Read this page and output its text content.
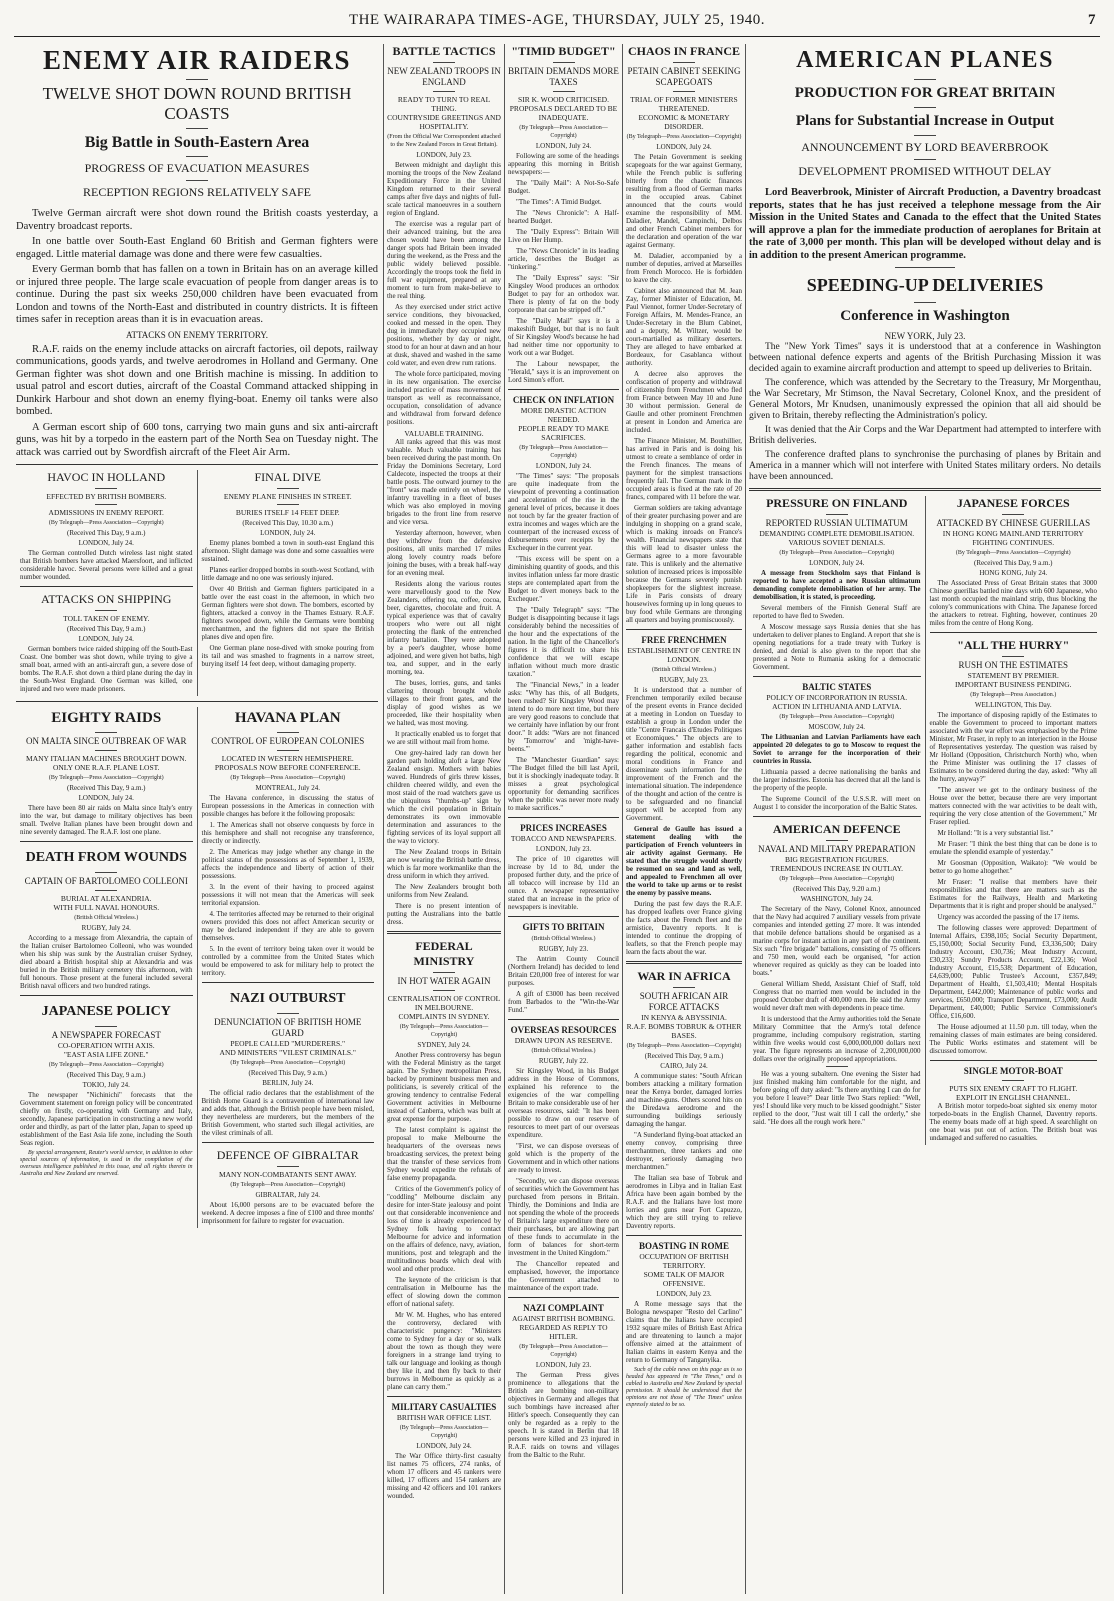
THE WAIRARAPA TIMES-AGE, THURSDAY, JULY 25, 1940.	7
ENEMY AIR RAIDERS
TWELVE SHOT DOWN ROUND BRITISH COASTS
Big Battle in South-Eastern Area
PROGRESS OF EVACUATION MEASURES
RECEPTION REGIONS RELATIVELY SAFE

Twelve German aircraft were shot down round the British coasts yesterday, a Daventry broadcast reports.

In one battle over South-East England 60 British and German fighters were engaged. Little material damage was done and there were few casualties.

Every German bomb that has fallen on a town in Britain has on an average killed or injured three people. The large scale evacuation of people from danger areas is to continue. During the past six weeks 250,000 children have been evacuated from London and towns of the North-East and distributed in country districts. It is fifteen times safer in reception areas than it is in evacuation areas.

ATTACKS ON ENEMY TERRITORY.

R.A.F. raids on the enemy include attacks on aircraft factories, oil depots, railway communications, goods yards, and twelve aerodromes in Holland and Germany. One German fighter was shot down and one British machine is missing. In addition to usual patrol and escort duties, aircraft of the Coastal Command attacked shipping in Dunkirk Harbour and shot down an enemy flying-boat. Enemy oil tanks were also bombed.

A German escort ship of 600 tons, carrying two main guns and six anti-aircraft guns, was hit by a torpedo in the eastern part of the North Sea on Tuesday night. The attack was carried out by Swordfish aircraft of the Fleet Air Arm.

HAVOC IN HOLLAND
EFFECTED BY BRITISH BOMBERS.
ADMISSIONS IN ENEMY REPORT.
(By Telegraph—Press Association—Copyright)
(Received This Day, 9 a.m.)
LONDON, July 24.

The German controlled Dutch wireless last night stated that British bombers have attacked Maersfoort, and inflicted considerable havoc. Several persons were killed and a great number wounded.

ATTACKS ON SHIPPING
TOLL TAKEN OF ENEMY.
(Received This Day, 9 a.m.)
LONDON, July 24.

German bombers twice raided shipping off the South-East Coast. One bomber was shot down, while trying to give a small boat, armed with an anti-aircraft gun, a severe dose of bombs. The R.A.F. shot down a third plane during the day in the South-West England. One German was killed, one injured and two were made prisoners.

FINAL DIVE
ENEMY PLANE FINISHES IN STREET.
BURIES ITSELF 14 FEET DEEP.
(Received This Day, 10.30 a.m.)
LONDON, July 24.

Enemy planes bombed a town in south-east England this afternoon. Slight damage was done and some casualties were sustained.

Planes earlier dropped bombs in south-west Scotland, with little damage and no one was seriously injured.

Over 40 British and German fighters participated in a battle over the east coast in the afternoon, in which two German fighters were shot down. The bombers, escorted by fighters, attacked a convoy in the Thames Estuary. R.A.F. fighters swooped down, while the Germans were bombing merchantmen, and the fighters did not spare the British planes dive and open fire.

One German plane nose-dived with smoke pouring from its tail and was smashed to fragments in a narrow street, burying itself 14 feet deep, without damaging property.

EIGHTY RAIDS
ON MALTA SINCE OUTBREAK OF WAR
MANY ITALIAN MACHINES BROUGHT DOWN.
ONLY ONE R.A.F. PLANE LOST.
(By Telegraph—Press Association—Copyright)
(Received This Day, 9 a.m.)
LONDON, July 24.

There have been 80 air raids on Malta since Italy's entry into the war, but damage to military objectives has been small. Twelve Italian planes have been brought down and nine severely damaged. The R.A.F. lost one plane.

DEATH FROM WOUNDS
CAPTAIN OF BARTOLOMEO COLLEONI
BURIAL AT ALEXANDRIA.
WITH FULL NAVAL HONOURS.
(British Official Wireless.)
RUGBY, July 24.

According to a message from Alexandria, the captain of the Italian cruiser Bartolomeo Colleoni, who was wounded when his ship was sunk by the Australian cruiser Sydney, died aboard a British hospital ship at Alexandria and was buried in the British military cemetery this afternoon, with full honours. Those present at the funeral included several British naval officers and two hundred ratings.

JAPANESE POLICY
A NEWSPAPER FORECAST
CO-OPERATION WITH AXIS.
"EAST ASIA LIFE ZONE."
(By Telegraph—Press Association—Copyright)
(Received This Day, 9 a.m.)
TOKIO, July 24.

The newspaper "Nichinichi" forecasts that the Government statement on foreign policy will be concentrated chiefly on firstly, co-operating with Germany and Italy, secondly, Japanese participation in constructing a new world order and thirdly, as part of the latter plan, Japan to speed up establishment of the East Asia life zone, including the South Seas region.

By special arrangement, Reuter's world service, in addition to other special sources of information, is used in the compilation of the overseas intelligence published in this issue, and all rights therein in Australia and New Zealand are reserved.

HAVANA PLAN
CONTROL OF EUROPEAN COLONIES
LOCATED IN WESTERN HEMISPHERE.
PROPOSALS NOW BEFORE CONFERENCE.
(By Telegraph—Press Association—Copyright)
MONTREAL, July 24.

The Havana conference, in discussing the status of European possessions in the Americas in connection with possible changes has before it the following proposals:

1. The Americas shall not observe conquests by force in this hemisphere and shall not recognise any transference, directly or indirectly.

2. The Americas may judge whether any change in the political status of the possessions as of September 1, 1939, affects the independence and liberty of action of their possessions.

3. In the event of their having to proceed against possessions it will not mean that the Americas will seek territorial expansion.

4. The territories affected may be returned to their original owners provided this does not affect American security or may be declared independent if they are able to govern themselves.

5. In the event of territory being taken over it would be controlled by a committee from the United States which would be empowered to ask for military help to protect the territory.

NAZI OUTBURST
DENUNCIATION OF BRITISH HOME GUARD
PEOPLE CALLED "MURDERERS."
AND MINISTERS "VILEST CRIMINALS."
(By Telegraph—Press Association—Copyright)
(Received This Day, 9 a.m.)
BERLIN, July 24.

The official radio declares that the establishment of the British Home Guard is a contravention of international law and adds that, although the British people have been misled, they nevertheless are murderers, but the members of the British Government, who started such illegal activities, are the vilest criminals of all.

DEFENCE OF GIBRALTAR
MANY NON-COMBATANTS SENT AWAY.
(By Telegraph—Press Association—Copyright)
GIBRALTAR, July 24.

About 16,000 persons are to be evacuated before the weekend. A decree imposes a fine of £100 and three months' imprisonment for failure to register for evacuation.

BATTLE TACTICS
NEW ZEALAND TROOPS IN ENGLAND
READY TO TURN TO REAL THING.
COUNTRYSIDE GREETINGS AND HOSPITALITY.
(From the Official War Correspondent attached to the New Zealand Forces in Great Britain).
LONDON, July 23.

Between midnight and daylight this morning the troops of the New Zealand Expeditionary Force in the United Kingdom returned to their several camps after five days and nights of full-scale tactical manoeuvres in a southern region of England.

The exercise was a regular part of their advanced training, but the area chosen would have been among the danger spots had Britain been invaded during the weekend, as the Press and the public widely believed possible. Accordingly the troops took the field in full war equipment, prepared at any moment to turn from make-believe to the real thing.

As they exercised under strict active service conditions, they bivouacked, cooked and messed in the open. They dug in immediately they occupied new positions, whether by day or night, stood to for an hour at dawn and an hour at dusk, shaved and washed in the same cold water, and even drew rum rations.

The whole force participated, moving in its new organisation. The exercise included practice of mass movement of transport as well as reconnaissance, occupation, consolidation of advance and withdrawal from forward defence positions.

VALUABLE TRAINING.

All ranks agreed that this was most valuable. Much valuable training has been received during the past month. On Friday the Dominions Secretary, Lord Caldecote, inspected the troops at their battle posts. The outward journey to the "front" was made entirely on wheel, the infantry travelling in a fleet of buses which was also employed in moving brigades to the front line from reserve and vice versa.

Yesterday afternoon, however, when they withdrew from the defensive positions, all units marched 17 miles along lovely country roads before joining the buses, with a break half-way for an evening meal.

Residents along the various routes were marvellously good to the New Zealanders, offering tea, coffee, cocoa, beer, cigarettes, chocolate and fruit. A typical experience was that of cavalry troopers who were out all night protecting the flank of the entrenched infantry battalion. They were adopted by a peer's daughter, whose home adjoined, and were given hot baths, high tea, and supper, and in the early morning, tea.

The buses, lorries, guns, and tanks clattering through brought whole villages to their front gates, and the display of good wishes as we proceeded, like their hospitality when we halted, was most moving.

It practically enabled us to forget that we are still without mail from home.

One grey-haired lady ran down her garden path holding aloft a large New Zealand ensign. Mothers with babies waved. Hundreds of girls threw kisses, children cheered wildly, and even the most staid of the road watchers gave us the ubiquitous "thumbs-up" sign by which the civil population in Britain demonstrates its own immovable determination and assurances to the fighting services of its loyal support all the way to victory.

The New Zealand troops in Britain are now wearing the British battle dress, which is far more workmanlike than the dress uniform in which they arrived.

The New Zealanders brought both uniforms from New Zealand.

There is no present intention of putting the Australians into the battle dress.

FEDERAL MINISTRY
IN HOT WATER AGAIN
CENTRALISATION OF CONTROL IN MELBOURNE.
COMPLAINTS IN SYDNEY.
(By Telegraph—Press Association—Copyright)
SYDNEY, July 24.

Another Press controversy has begun with the Federal Ministry as the target again. The Sydney metropolitan Press, backed by prominent business men and politicians, is severely critical of the growing tendency to centralise Federal Government activities in Melbourne instead of Canberra, which was built at great expense for the purpose.

The latest complaint is against the proposal to make Melbourne the headquarters of the overseas news broadcasting services, the pretext being that the transfer of these services from Sydney would expedite the refutals of false enemy propaganda.

Critics of the Government's policy of "coddling" Melbourne disclaim any desire for inter-State jealousy and point out that considerable inconvenience and loss of time is already experienced by Sydney folk having to contact Melbourne for advice and information on the affairs of defence, navy, aviation, munitions, post and telegraph and the multitudinous boards which deal with wool and other produce.

The keynote of the criticism is that centralisation in Melbourne has the effect of slowing down the common effort of national safety.

Mr W. M. Hughes, who has entered the controversy, declared with characteristic pungency: "Ministers come to Sydney for a day or so, walk about the town as though they were foreigners in a strange land trying to talk our language and looking as though they like it, and then fly back to their burrows in Melbourne as quickly as a plane can carry them."

MILITARY CASUALTIES
BRITISH WAR OFFICE LIST.
(By Telegraph—Press Association—Copyright)
LONDON, July 24.

The War Office thirty-first casualty list names 75 officers, 274 ranks, of whom 17 officers and 45 rankers were killed, 17 officers and 154 rankers are missing and 42 officers and 101 rankers wounded.

"TIMID BUDGET"
BRITAIN DEMANDS MORE TAXES
SIR K. WOOD CRITICISED.
PROPOSALS DECLARED TO BE INADEQUATE.
(By Telegraph—Press Association—Copyright)
LONDON, July 24.

Following are some of the headings appearing this morning in British newspapers:—

The "Daily Mail": A Not-So-Safe Budget.

"The Times": A Timid Budget.

The "News Chronicle": A Half-hearted Budget.

The "Daily Express": Britain Will Live on Her Hump.

The "News Chronicle" in its leading article, describes the Budget as "tinkering."

The "Daily Express" says: "Sir Kingsley Wood produces an orthodox Budget to pay for an orthodox war. There is plenty of fat on the body corporate that can be stripped off."

The "Daily Mail" says it is a makeshift Budget, but that is no fault of Sir Kingsley Wood's because he had had neither time nor opportunity to work out a war Budget.

The Labour newspaper, the "Herald," says it is an improvement on Lord Simon's effort.

CHECK ON INFLATION
MORE DRASTIC ACTION NEEDED.
PEOPLE READY TO MAKE SACRIFICES.
(By Telegraph—Press Association—Copyright)
LONDON, July 24.

"The Times" says: "The proposals are quite inadequate from the viewpoint of preventing a continuation and acceleration of the rise in the general level of prices, because it does not touch by far the greater fraction of extra incomes and wages which are the counterpart of the increased excess of disbursements over receipts by the Exchequer in the current year.

"This excess will be spent on a diminishing quantity of goods, and this invites inflation unless far more drastic steps are contemplated apart from the Budget to divert moneys back to the Exchequer."

The "Daily Telegraph" says: "The Budget is disappointing because it lags considerably behind the necessities of the hour and the expectations of the nation. In the light of the Chancellor's figures it is difficult to share his confidence that we will escape inflation without much more drastic taxation."

The "Financial News," in a leader asks: "Why has this, of all Budgets, been rushed? Sir Kingsley Wood may intend to do more next time, but there are very good reasons to conclude that we certainly have inflation by our front door." It adds: "Wars are not financed by 'Tomorrow' and 'might-have-beens.'"

The "Manchester Guardian" says: "The Budget filled the bill last April, but it is shockingly inadequate today. It misses a great psychological opportunity for demanding sacrifices when the public was never more ready to make sacrifices."

PRICES INCREASES
TOBACCO AND NEWSPAPERS.
LONDON, July 23.

The price of 10 cigarettes will increase by 1d to 8d, under the proposed further duty, and the price of all tobacco will increase by 11d an ounce. A newspaper representative stated that an increase in the price of newspapers is inevitable.

GIFTS TO BRITAIN
(British Official Wireless.)
RUGBY, July 23.

The Antrim County Council (Northern Ireland) has decided to lend Britain £20,000 free of interest for war purposes.

A gift of £3000 has been received from Barbados to the "Win-the-War Fund."

OVERSEAS RESOURCES
DRAWN UPON AS RESERVE.
(British Official Wireless.)
RUGBY, July 22.

Sir Kingsley Wood, in his Budget address in the House of Commons, explained his reference to the exigencies of the war compelling Britain to make considerable use of her overseas resources, said: "It has been possible to draw on our reserve of resources to meet part of our overseas expenditure.

"First, we can dispose overseas of gold which is the property of the Government and in which other nations are ready to invest.

"Secondly, we can dispose overseas of securities which the Government has purchased from persons in Britain. Thirdly, the Dominions and India are not spending the whole of the proceeds of Britain's large expenditure there on their purchases, but are allowing part of these funds to accumulate in the form of balances for short-term investment in the United Kingdom."

The Chancellor repeated and emphasised, however, the importance the Government attached to maintenance of the export trade.

NAZI COMPLAINT
AGAINST BRITISH BOMBING.
REGARDED AS REPLY TO HITLER.
(By Telegraph—Press Association—Copyright)
LONDON, July 23.

The German Press gives prominence to allegations that the British are bombing non-military objectives in Germany and alleges that such bombings have increased after Hitler's speech. Consequently they can only be regarded as a reply to the speech. It is stated in Berlin that 18 persons were killed and 23 injured in R.A.F. raids on towns and villages from the Baltic to the Ruhr.

CHAOS IN FRANCE
PETAIN CABINET SEEKING SCAPEGOATS
TRIAL OF FORMER MINISTERS THREATENED.
ECONOMIC & MONETARY DISORDER.
(By Telegraph—Press Association—Copyright)
LONDON, July 24.

The Petain Government is seeking scapegoats for the war against Germany, while the French public is suffering bitterly from the chaotic finances resulting from a flood of German marks in the occupied areas. Cabinet announced that the courts would examine the responsibility of MM. Daladier, Mandel, Campinchi, Delbos and other French Cabinet members for the declaration and operation of the war against Germany.

M. Daladier, accompanied by a number of deputies, arrived at Marseilles from French Morocco. He is forbidden to leave the city.

Cabinet also announced that M. Jean Zay, former Minister of Education, M. Paul Viennot, former Under-Secretary of Foreign Affairs, M. Mendes-France, an Under-Secretary in the Blum Cabinet, and a deputy, M. Wiltzer, would be court-martialled as military deserters. They are alleged to have embarked at Bordeaux, for Casablanca without authority.

A decree also approves the confiscation of property and withdrawal of citizenship from Frenchmen who fled from France between May 10 and June 30 without permission. General de Gaulle and other prominent Frenchmen at present in London and America are included.

The Finance Minister, M. Bouthillier, has arrived in Paris and is doing his utmost to create a semblance of order in the French finances. The means of payment for the simplest transactions frequently fail. The German mark in the occupied areas is fixed at the rate of 20 francs, compared with 11 before the war.

German soldiers are taking advantage of their greater purchasing power and are indulging in shopping on a grand scale, which is making inroads on France's wealth. Financial newspapers state that this will lead to disaster unless the Germans agree to a more favourable rate. This is unlikely and the alternative solution of increased prices is impossible because the Germans severely punish shopkeepers for the slightest increase. Life in Paris consists of dreary housewives forming up in long queues to buy food while Germans are thronging all quarters and buying promiscuously.

FREE FRENCHMEN
ESTABLISHMENT OF CENTRE IN LONDON.
(British Official Wireless.)
RUGBY, July 23.

It is understood that a number of Frenchmen temporarily exiled because of the present events in France decided at a meeting in London on Tuesday to establish a group in London under the title "Centre Francais d'Etudes Politiques et Economiques." The objects are to gather information and establish facts regarding the political, economic and moral conditions in France and disseminate such information for the improvement of the French and the international situation. The independence of the thought and action of the centre is to be safeguarded and no financial support will be accepted from any Government.

General de Gaulle has issued a statement dealing with the participation of French volunteers in air activity against Germany. He stated that the struggle would shortly be resumed on sea and land as well, and appealed to Frenchmen all over the world to take up arms or to resist the enemy by passive means.

During the past few days the R.A.F. has dropped leaflets over France giving the facts about the French fleet and the armistice, Daventry reports. It is intended to continue the dropping of leaflets, so that the French people may learn the facts about the war.

WAR IN AFRICA
SOUTH AFRICAN AIR FORCE ATTACKS
IN KENYA & ABYSSINIA.
R.A.F. BOMBS TOBRUK & OTHER BASES.
(By Telegraph—Press Association—Copyright)
(Received This Day, 9 a.m.)
CAIRO, July 24.

A communique states: "South African bombers attacking a military formation near the Kenya border, damaged lorries and machine-guns. Others scored hits on the Diredawa aerodrome and the surrounding buildings seriously damaging the hangar.

"A Sunderland flying-boat attacked an enemy convoy, comprising three merchantmen, three tankers and one destroyer, seriously damaging two merchantmen."

The Italian sea base of Tobruk and aerodromes in Libya and in Italian East Africa have been again bombed by the R.A.F. and the Italians have lost more lorries and guns near Fort Capuzzo, which they are still trying to relieve Daventry reports.

BOASTING IN ROME
OCCUPATION OF BRITISH TERRITORY.
SOME TALK OF MAJOR OFFENSIVE.
LONDON, July 23.

A Rome message says that the Bologna newspaper "Resto del Carlino" claims that the Italians have occupied 1932 square miles of British East Africa and are threatening to launch a major offensive aimed at the attainment of Italian claims in eastern Kenya and the return to Germany of Tanganyika.

Such of the cable news on this page as is so headed has appeared in "The Times," and is cabled to Australia and New Zealand by special permission. It should be understood that the opinions are not those of "The Times" unless expressly stated to be so.

AMERICAN PLANES
PRODUCTION FOR GREAT BRITAIN
Plans for Substantial Increase in Output
ANNOUNCEMENT BY LORD BEAVERBROOK
DEVELOPMENT PROMISED WITHOUT DELAY

Lord Beaverbrook, Minister of Aircraft Production, a Daventry broadcast reports, states that he has just received a telephone message from the Air Mission in the United States and Canada to the effect that the United States will approve a plan for the immediate production of aeroplanes for Britain at the rate of 3,000 per month. This plan will be developed without delay and is in addition to the present American programme.

SPEEDING-UP DELIVERIES
Conference in Washington
NEW YORK, July 23.

The "New York Times" says it is understood that at a conference in Washington between national defence experts and agents of the British Purchasing Mission it was decided again to examine aircraft production and attempt to speed up deliveries to Britain.

The conference, which was attended by the Secretary to the Treasury, Mr Morgenthau, the War Secretary, Mr Stimson, the Naval Secretary, Colonel Knox, and the president of General Motors, Mr Knudsen, unanimously expressed the opinion that all aid should be given to Britain, thereby reflecting the Administration's policy.

It was denied that the Air Corps and the War Department had attempted to interfere with British deliveries.

The conference drafted plans to synchronise the purchasing of planes by Britain and America in a manner which will not interfere with United States military orders. No details have been announced.

PRESSURE ON FINLAND
REPORTED RUSSIAN ULTIMATUM
DEMANDING COMPLETE DEMOBILISATION.
VARIOUS SOVIET DENIALS.
(By Telegraph—Press Association—Copyright)
LONDON, July 24.

A message from Stockholm says that Finland is reported to have accepted a new Russian ultimatum demanding complete demobilisation of her army. The demobilisation, it is stated, is proceeding.

Several members of the Finnish General Staff are reported to have fled to Sweden.

A Moscow message says Russia denies that she has undertaken to deliver planes to England. A report that she is opening negotiations for a trade treaty with Turkey is denied, and denial is also given to the report that she presented a Note to Rumania asking for a democratic Government.

BALTIC STATES
POLICY OF INCORPORATION IN RUSSIA.
ACTION IN LITHUANIA AND LATVIA.
(By Telegraph—Press Association—Copyright)
MOSCOW, July 24.

The Lithuanian and Latvian Parliaments have each appointed 20 delegates to go to Moscow to request the Soviet to arrange for the incorporation of their countries in Russia.

Lithuania passed a decree nationalising the banks and the larger industries. Estonia has decreed that all the land is the property of the people.

The Supreme Council of the U.S.S.R. will meet on August 1 to consider the incorporation of the Baltic States.

AMERICAN DEFENCE
NAVAL AND MILITARY PREPARATION
BIG REGISTRATION FIGURES.
TREMENDOUS INCREASE IN OUTLAY.
(By Telegraph—Press Association—Copyright)
(Received This Day, 9.20 a.m.)
WASHINGTON, July 24.

The Secretary of the Navy, Colonel Knox, announced that the Navy had acquired 7 auxiliary vessels from private companies and intended getting 27 more. It was intended that mobile defence battalions should be organised as a marine corps for instant action in any part of the continent. Six such "fire brigade" battalions, consisting of 75 officers and 750 men, would each be organised, "for action whenever required as quickly as they can be loaded into boats."

General William Shedd, Assistant Chief of Staff, told Congress that no married men would be included in the proposed October draft of 400,000 men. He said the Army would never draft men with dependents in peace time.

It is understood that the Army authorities told the Senate Military Committee that the Army's total defence programme, including compulsory registration, starting within five weeks would cost 6,000,000,000 dollars next year. The figure represents an increase of 2,200,000,000 dollars over the originally proposed appropriations.

He was a young subaltern. One evening the Sister had just finished making him comfortable for the night, and before going off duty asked: "Is there anything I can do for you before I leave?" Dear little Two Stars replied: "Well, yes! I should like very much to be kissed goodnight." Sister replied to the door, "Just wait till I call the orderly," she said. "He does all the rough work here."

JAPANESE FORCES
ATTACKED BY CHINESE GUERILLAS
IN HONG KONG MAINLAND TERRITORY
FIGHTING CONTINUES.
(By Telegraph—Press Association—Copyright)
(Received This Day, 9 a.m.)
HONG KONG, July 24.

The Associated Press of Great Britain states that 3000 Chinese guerillas battled nine days with 600 Japanese, who last month occupied the mainland strip, thus blocking the colony's communications with China. The Japanese forced the attackers to retreat. Fighting, however, continues 20 miles from the centre of Hong Kong.

"ALL THE HURRY"
RUSH ON THE ESTIMATES
STATEMENT BY PREMIER.
IMPORTANT BUSINESS PENDING.
(By Telegraph—Press Association.)
WELLINGTON, This Day.

The importance of disposing rapidly of the Estimates to enable the Government to proceed to important matters associated with the war effort was emphasised by the Prime Minister, Mr Fraser, in reply to an interjection in the House of Representatives yesterday. The question was raised by Mr Holland (Opposition, Christchurch North) who, when the Prime Minister was outlining the 17 classes of Estimates to be considered during the day, asked: "Why all the hurry, anyway?"

"The answer we get to the ordinary business of the House over the better, because there are very important matters connected with the war activities to be dealt with, requiring the very close attention of the Government," Mr Fraser replied.

Mr Holland: "It is a very substantial list."

Mr Fraser: "I think the best thing that can be done is to emulate the splendid example of yesterday."

Mr Goosman (Opposition, Waikato): "We would be better to go home altogether."

Mr Fraser: "I realise that members have their responsibilities and that there are matters such as the Estimates for the Railways, Health and Marketing Departments that it is right and proper should be analysed."

Urgency was accorded the passing of the 17 items.

The following classes were approved: Department of Internal Affairs, £398,105; Social Security Department, £5,150,000; Social Security Fund, £3,336,500; Dairy Industry Account, £30,736; Meat Industry Account, £30,233; Sundry Products Account, £22,136; Wool Industry Account, £15,538; Department of Education, £4,639,000; Public Trustee's Account, £357,849; Department of Health, £1,503,410; Mental Hospitals Department, £442,000; Maintenance of public works and services, £650,000; Transport Department, £73,000; Audit Department, £40,000; Public Service Commissioner's Office, £16,600.

The House adjourned at 11.50 p.m. till today, when the remaining classes of main estimates are being considered. The Public Works estimates and statement will be discussed tomorrow.

SINGLE MOTOR-BOAT
PUTS SIX ENEMY CRAFT TO FLIGHT.
EXPLOIT IN ENGLISH CHANNEL.

A British motor torpedo-boat sighted six enemy motor torpedo-boats in the English Channel, Daventry reports. The enemy boats made off at high speed. A searchlight on one boat was put out of action. The British boat was undamaged and suffered no casualties.
